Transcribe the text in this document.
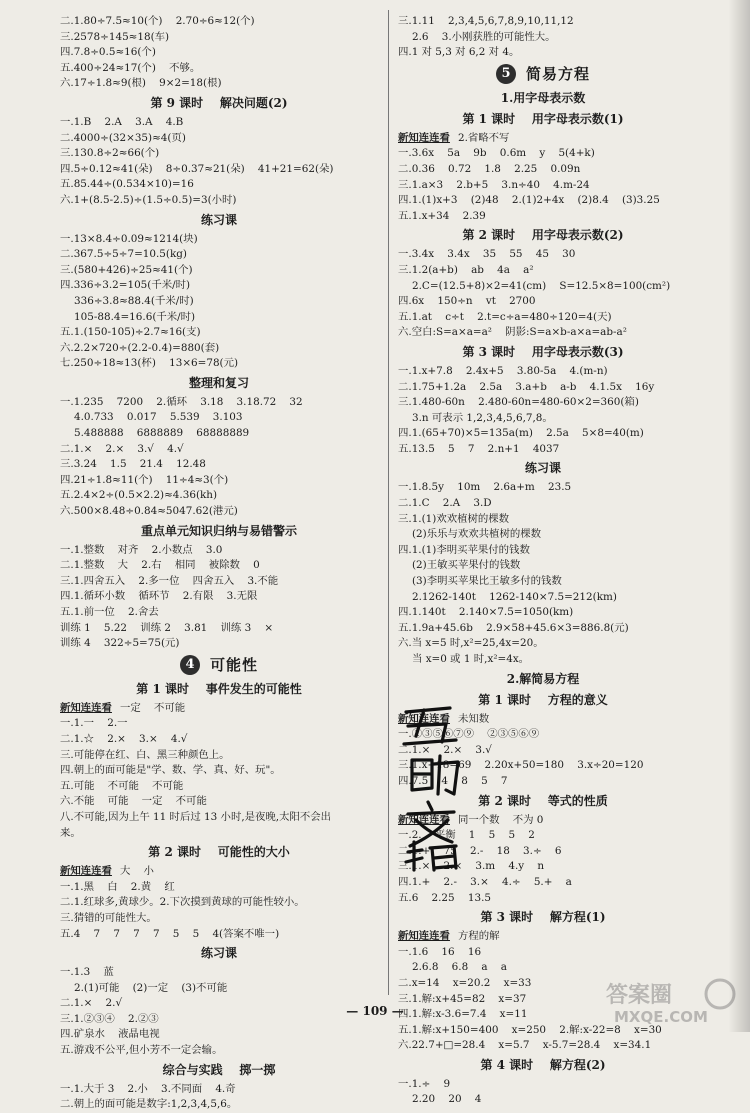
二.1.80÷7.5≈10(个)    2.70÷6≈12(个)
三.2578÷145≈18(车)
四.7.8÷0.5≈16(个)
五.400÷24≈17(个)    不够。
六.17÷1.8≈9(根)    9×2=18(根)
第 9 课时    解决问题(2)
一.1.B    2.A    3.A    4.B
二.4000÷(32×35)≈4(页)
三.130.8÷2≈66(个)
四.5÷0.12≈41(朵)    8÷0.37≈21(朵)    41+21=62(朵)
五.85.44÷(0.534×10)=16
六.1+(8.5-2.5)÷(1.5÷0.5)=3(小时)
练习课
一.13×8.4÷0.09≈1214(块)
二.367.5÷5÷7=10.5(kg)
三.(580+426)÷25≈41(个)
四.336÷3.2=105(千米/时)
336÷3.8≈88.4(千米/时)
105-88.4=16.6(千米/时)
五.1.(150-105)÷2.7≈16(支)
六.2.2×720÷(2.2-0.4)=880(套)
七.250÷18≈13(杯)    13×6=78(元)
整理和复习
一.1.235    7200    2.循环    3.18    3.18.72    32
4.0.733    0.017    5.539    3.103
5.488888    6888889    68888889
二.1.×    2.×    3.√    4.√
三.3.24    1.5    21.4    12.48
四.21÷1.8≈11(个)    11÷4≈3(个)
五.2.4×2÷(0.5×2.2)≈4.36(kh)
六.500×8.48÷0.84≈5047.62(港元)
重点单元知识归纳与易错警示
一.1.整数    对齐    2.小数点    3.0
二.1.整数    大    2.右    相同    被除数    0
三.1.四舍五入    2.多一位    四舍五入    3.不能
四.1.循环小数    循环节    2.有限    3.无限
五.1.前一位    2.舍去
训练 1    5.22    训练 2    3.81    训练 3    ×
训练 4    322÷5=75(元)
4	可能性
第 1 课时    事件发生的可能性
新知连连看 一定    不可能
一.1.一    2.一
二.1.☆    2.×    3.×    4.√
三.可能停在红、白、黑三种颜色上。
四.朝上的面可能是"学、数、学、真、好、玩"。
五.可能    不可能    不可能
六.不能    可能    一定    不可能
八.不可能,因为上午 11 时后过 13 小时,是夜晚,太阳不会出
来。
第 2 课时    可能性的大小
新知连连看 大    小
一.1.黑    白    2.黄    红
二.1.红球多,黄球少。2.下次摸到黄球的可能性较小。
三.猜错的可能性大。
五.4    7    7    7    7    5    5    4(答案不唯一)
练习课
一.1.3    蓝
2.(1)可能    (2)一定    (3)不可能
二.1.×    2.√
三.1.②③④    2.②③
四.矿泉水    液晶电视
五.游戏不公平,但小芳不一定会输。
综合与实践    掷一掷
一.1.大于 3    2.小    3.不同面    4.奇
二.朝上的面可能是数字:1,2,3,4,5,6。
三.1.11    2,3,4,5,6,7,8,9,10,11,12
2.6    3.小刚获胜的可能性大。
四.1 对 5,3 对 6,2 对 4。
5	简易方程
1.用字母表示数
第 1 课时    用字母表示数(1)
新知连连看 2.省略不写
一.3.6x    5a    9b    0.6m    y    5(4+k)
二.0.36    0.72    1.8    2.25    0.09n
三.1.a×3    2.b+5    3.n÷40    4.m-24
四.1.(1)x+3    (2)48    2.(1)2+4x    (2)8.4    (3)3.25
五.1.x+34    2.39
第 2 课时    用字母表示数(2)
一.3.4x    3.4x    35    55    45    30
三.1.2(a+b)    ab    4a    a²
2.C=(12.5+8)×2=41(cm)    S=12.5×8=100(cm²)
四.6x    150÷n    vt    2700
五.1.at    c÷t    2.t=c÷a=480÷120=4(天)
六.空白:S=a×a=a²    阴影:S=a×b-a×a=ab-a²
第 3 课时    用字母表示数(3)
一.1.x+7.8    2.4x+5    3.80-5a    4.(m-n)
二.1.75+1.2a    2.5a    3.a+b    a-b    4.1.5x    16y
三.1.480-60n    2.480-60n=480-60×2=360(箱)
3.n 可表示 1,2,3,4,5,6,7,8。
四.1.(65+70)×5=135a(m)    2.5a    5×8=40(m)
五.13.5    5    7    2.n+1    4037
练习课
一.1.8.5y    10m    2.6a+m    23.5
二.1.C    2.A    3.D
三.1.(1)欢欢植树的棵数
(2)乐乐与欢欢共植树的棵数
四.1.(1)李明买苹果付的钱数
(2)王敏买苹果付的钱数
(3)李明买苹果比王敏多付的钱数
2.1262-140t    1262-140×7.5=212(km)
四.1.140t    2.140×7.5=1050(km)
五.1.9a+45.6b    2.9×58+45.6×3=886.8(元)
六.当 x=5 时,x²=25,4x=20。
当 x=0 或 1 时,x²=4x。
2.解简易方程
第 1 课时    方程的意义
新知连连看 未知数
一.②③⑤⑥⑦⑨    ②③⑤⑥⑨
二.1.×    2.×    3.√
三.1.x+18=69    2.20x+50=180    3.x÷20=120
四.7.5    4    8    5    7
第 2 课时    等式的性质
新知连连看 同一个数    不为 0
一.2.    平衡    1    5    5    2
二.1.+    75    2.-    18    3.÷    6
三.1.×    2.×    3.m    4.y    n
四.1.+    2.-    3.×    4.÷    5.+    a
五.6    2.25    13.5
第 3 课时    解方程(1)
新知连连看 方程的解
一.1.6    16    16
2.6.8    6.8    a    a
二.x=14    x=20.2    x=33
三.1.解:x+45=82    x=37
四.1.解:x-3.6=7.4    x=11
五.1.解:x+150=400    x=250    2.解:x-22=8    x=30
六.22.7+□=28.4    x=5.7    x-5.7=28.4    x=34.1
第 4 课时    解方程(2)
一.1.÷    9
2.20    20    4
答案圈
MXQE.COM
— 109 —
